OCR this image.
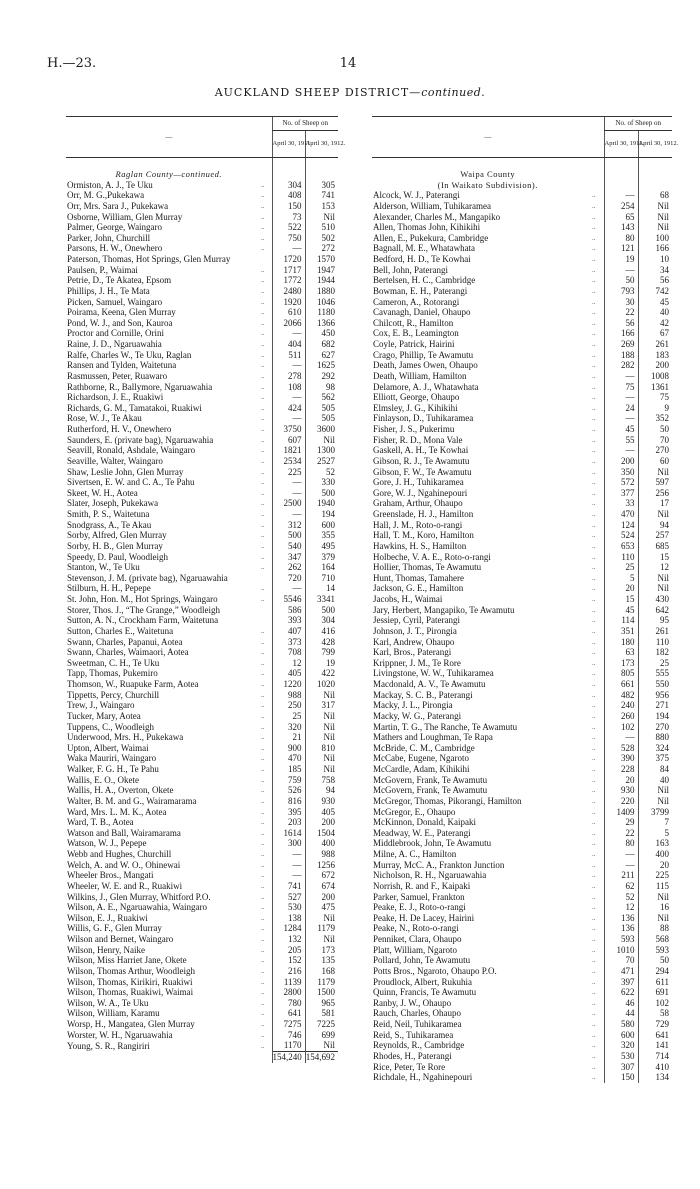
H.—23.	14
AUCKLAND SHEEP DISTRICT—continued.
—		No. of Sheep on	
		April 30, 1911.	April 30, 1912.

Raglan County—continued.			
Ormiston, A. J., Te Uku	..	304	305
Orr, M. G.,Pukekawa	..	408	741
Orr, Mrs. Sara J., Pukekawa	..	150	153
Osborne, William, Glen Murray	..	73	Nil
Palmer, George, Waingaro	..	522	510
Parker, John, Churchill	..	750	502
Parsons, H. W., Onewhero	..	—	272
Paterson, Thomas, Hot Springs, Glen Murray		1720	1570
Paulsen, P., Waimai	..	1717	1947
Petrie, D., Te Akatea, Epsom	..	1772	1944
Phillips, J. H., Te Mata	..	2480	1880
Picken, Samuel, Waingaro	..	1920	1046
Poirama, Keena, Glen Murray	..	610	1180
Pond, W. J., and Son, Kauroa	..	2066	1366
Proctor and Cornille, Orini	..	—	450
Raine, J. D., Ngaruawahia	..	404	682
Ralfe, Charles W., Te Uku, Raglan	..	511	627
Ransen and Tylden, Waitetuna	..	—	1625
Rasmussen, Peter, Ruawaro	..	278	292
Rathborne, R., Ballymore, Ngaruawahia	..	108	98
Richardson, J. E., Ruakiwi	..	—	562
Richards, G. M., Tamatakoi, Ruakiwi	..	424	505
Rose, W. J., Te Akau	..	—	505
Rutherford, H. V., Onewhero	..	3750	3600
Saunders, E. (private bag), Ngaruawahia	..	607	Nil
Seavill, Ronald, Ashdale, Waingaro	..	1821	1300
Seaville, Walter, Waingaro	..	2534	2527
Shaw, Leslie John, Glen Murray	..	225	52
Sivertsen, E. W. and C. A., Te Pahu	..	—	330
Skeet, W. H., Aotea	..	—	500
Slater, Joseph, Pukekawa	..	2500	1940
Smith, P. S., Waitetuna	..	—	194
Snodgrass, A., Te Akau	..	312	600
Sorby, Alfred, Glen Murray	..	500	355
Sorby, H. B., Glen Murray	..	540	495
Speedy, D. Paul, Woodleigh	..	347	379
Stanton, W., Te Uku	..	262	164
Stevenson, J. M. (private bag), Ngaruawahia		720	710
Stilburn, H. H., Pepepe	..	—	14
St. John, Hon. M., Hot Springs, Waingaro	..	5546	3341
Storer, Thos. J., “The Grange,” Woodleigh		586	500
Sutton, A. N., Crockham Farm, Waitetuna		393	304
Sutton, Charles E., Waitetuna	..	407	416
Swann, Charles, Papanui, Aotea	..	373	428
Swann, Charles, Waimaori, Aotea	..	708	799
Sweetman, C. H., Te Uku	..	12	19
Tapp, Thomas, Pukemiro	..	405	422
Thomson, W., Ruapuke Farm, Aotea	..	1220	1020
Tippetts, Percy, Churchill	..	988	Nil
Trew, J., Waingaro	..	250	317
Tucker, Mary, Aotea	..	25	Nil
Tuppens, C., Woodleigh	..	320	Nil
Underwood, Mrs. H., Pukekawa	..	21	Nil
Upton, Albert, Waimai	..	900	810
Waka Mauriri, Waingaro	..	470	Nil
Walker, F. G. H., Te Pahu	..	185	Nil
Wallis, E. O., Okete	..	759	758
Wallis, H. A., Overton, Okete	..	526	94
Walter, B. M. and G., Wairamarama	..	816	930
Ward, Mrs. L. M. K., Aotea	..	395	405
Ward, T. B., Aotea	..	203	200
Watson and Ball, Wairamarama	..	1614	1504
Watson, W. J., Pepepe	..	300	400
Webb and Hughes, Churchill	..	—	988
Welch, A. and W. O., Ohinewai	..	—	1256
Wheeler Bros., Mangati	..	—	672
Wheeler, W. E. and R., Ruakiwi	..	741	674
Wilkins, J., Glen Murray, Whitford P.O.	..	527	200
Wilson, A. E., Ngaruawahia, Waingaro	..	530	475
Wilson, E. J., Ruakiwi	..	138	Nil
Willis, G. F., Glen Murray	..	1284	1179
Wilson and Bernet, Waingaro	..	132	Nil
Wilson, Henry, Naike	..	205	173
Wilson, Miss Harriet Jane, Okete	..	152	135
Wilson, Thomas Arthur, Woodleigh	..	216	168
Wilson, Thomas, Kirikiri, Ruakiwi	..	1139	1179
Wilson, Thomas, Ruakiwi, Waimai	..	2800	1500
Wilson, W. A., Te Uku	..	780	965
Wilson, William, Karamu	..	641	581
Worsp, H., Mangatea, Glen Murray	..	7275	7225
Worster, W. H., Ngaruawahia	..	746	699
Young, S. R., Rangiriri	..	1170	Nil
		154,240	154,692
—		No. of Sheep on	
		April 30, 1911.	April 30, 1912.

Waipa County			
(In Waikato Subdivision).			
Alcock, W. J., Paterangi	..	—	68
Alderson, William, Tuhikaramea	..	254	Nil
Alexander, Charles M., Mangapiko	..	65	Nil
Allen, Thomas John, Kihikihi	..	143	Nil
Allen, E., Pukekura, Cambridge	..	80	100
Bagnall, M. E., Whatawhata	..	121	166
Bedford, H. D., Te Kowhai	..	19	10
Bell, John, Paterangi	..	—	34
Bertelsen, H. C., Cambridge	..	50	56
Bowman, E. H., Paterangi	..	793	742
Cameron, A., Rotorangi	..	30	45
Cavanagh, Daniel, Ohaupo	..	22	40
Chilcott, R., Hamilton	..	56	42
Cox, E. B., Leamington	..	166	67
Coyle, Patrick, Hairini	..	269	261
Crago, Phillip, Te Awamutu	..	188	183
Death, James Owen, Ohaupo	..	282	200
Death, William, Hamilton	..	—	1008
Delamore, A. J., Whatawhata	..	75	1361
Elliott, George, Ohaupo	..	—	75
Elmsley, J. G., Kihikihi	..	24	9
Finlayson, D., Tuhikaramea	..	—	352
Fisher, J. S., Pukerimu	..	45	50
Fisher, R. D., Mona Vale	..	55	70
Gaskell, A. H., Te Kowhai	..	—	270
Gibson, R. J., Te Awamutu	..	200	60
Gibson, F. W., Te Awamutu	..	350	Nil
Gore, J. H., Tuhikaramea	..	572	597
Gore, W. J., Ngahinepouri	..	377	256
Graham, Arthur, Ohaupo	..	33	17
Greenslade, H. J., Hamilton	..	470	Nil
Hall, J. M., Roto-o-rangi	..	124	94
Hall, T. M., Koro, Hamilton	..	524	257
Hawkins, H. S., Hamilton	..	653	685
Holbeche, V. A. E., Roto-o-rangi	..	110	15
Hollier, Thomas, Te Awamutu	..	25	12
Hunt, Thomas, Tamahere	..	5	Nil
Jackson, G. E., Hamilton	..	20	Nil
Jacobs, H., Waimai	..	15	430
Jary, Herbert, Mangapiko, Te Awamutu	..	45	642
Jessiep, Cyril, Paterangi	..	114	95
Johnson, J. T., Pirongia	..	351	261
Karl, Andrew, Ohaupo	..	180	110
Karl, Bros., Paterangi	..	63	182
Krippner, J. M., Te Rore	..	173	25
Livingstone, W. W., Tuhikaramea	..	805	555
Macdonald, A. V., Te Awamutu	..	661	550
Mackay, S. C. B., Paterangi	..	482	956
Macky, J. L., Pirongia	..	240	271
Macky, W. G., Paterangi	..	260	194
Martin, T. G., The Ranche, Te Awamutu	..	102	270
Mathers and Loughman, Te Rapa	..	—	880
McBride, C. M., Cambridge	..	528	324
McCabe, Eugene, Ngaroto	..	390	375
McCardle, Adam, Kihikihi	..	228	84
McGovern, Frank, Te Awamutu	..	20	40
McGovern, Frank, Te Awamutu	..	930	Nil
McGregor, Thomas, Pikorangi, Hamilton	..	220	Nil
McGregor, E., Ohaupo	..	1409	3799
McKinnon, Donald, Kaipaki	..	29	7
Meadway, W. E., Paterangi	..	22	5
Middlebrook, John, Te Awamutu	..	80	163
Milne, A. C., Hamilton	..	—	400
Murray, McC. A., Frankton Junction	..	—	20
Nicholson, R. H., Ngaruawahia	..	211	225
Norrish, R. and F., Kaipaki	..	62	115
Parker, Samuel, Frankton	..	52	Nil
Peake, E. J., Roto-o-rangi	..	12	16
Peake, H. De Lacey, Hairini	..	136	Nil
Peake, N., Roto-o-rangi	..	136	88
Penniket, Clara, Ohaupo	..	593	568
Platt, William, Ngaroto	..	1010	593
Pollard, John, Te Awamutu	..	70	50
Potts Bros., Ngaroto, Ohaupo P.O.	..	471	294
Proudlock, Albert, Rukuhia	..	397	611
Quinn, Francis, Te Awamutu	..	622	691
Ranby, J. W., Ohaupo	..	46	102
Rauch, Charles, Ohaupo	..	44	58
Reid, Neil, Tuhikaramea	..	580	729
Reid, S., Tuhikaramea	..	600	641
Reynolds, R., Cambridge	..	320	141
Rhodes, H., Paterangi	..	530	714
Rice, Peter, Te Rore	..	307	410
Richdale, H., Ngahinepouri	..	150	134
